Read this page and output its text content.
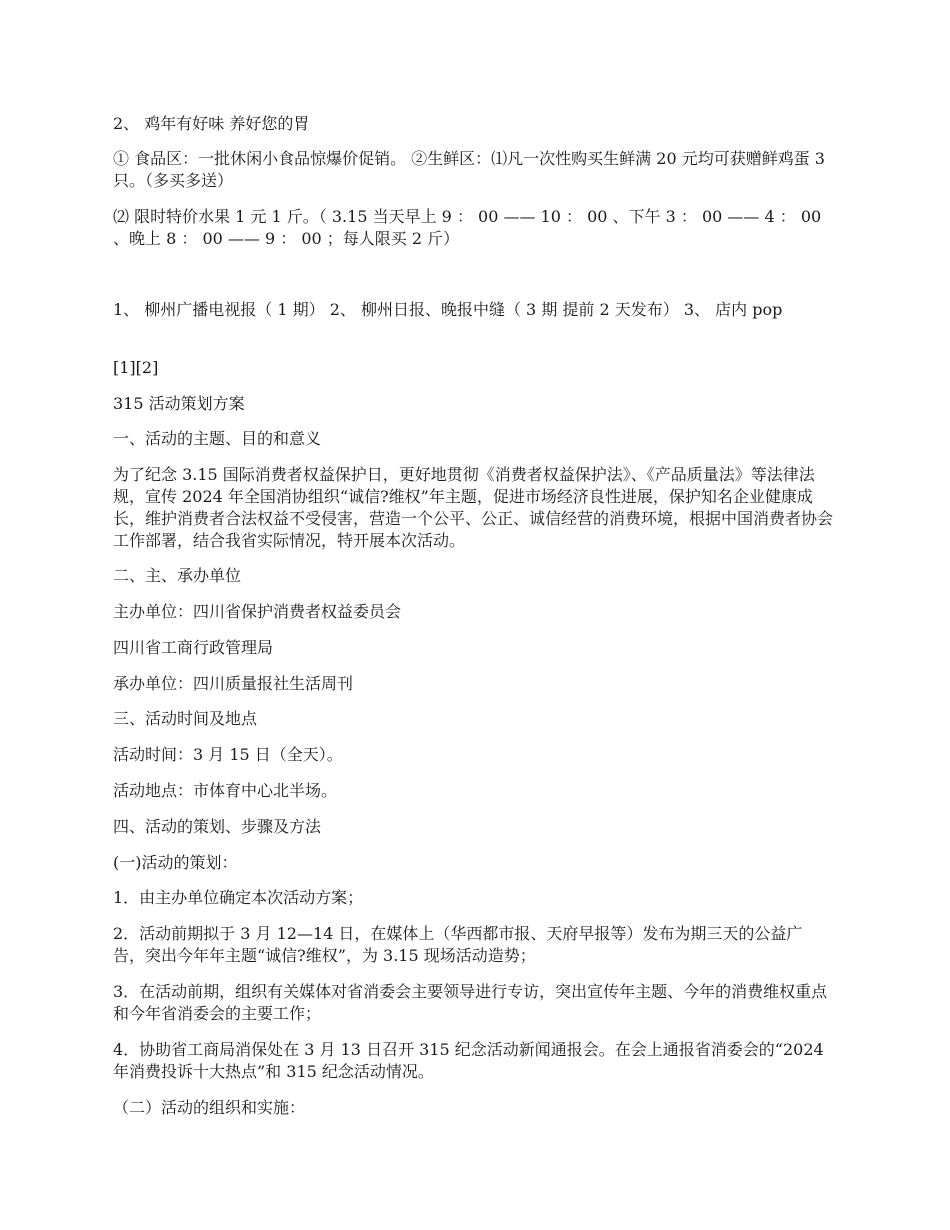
2、 鸡年有好味 养好您的胃

① 食品区：一批休闲小食品惊爆价促销。 ②生鲜区：⑴凡一次性购买生鲜满 20 元均可获赠鲜鸡蛋 3 只。（多买多送）

⑵ 限时特价水果 1 元 1 斤。（ 3.15 当天早上 9 ： 00 —— 10 ： 00 、下午 3 ： 00 —— 4 ： 00 、晚上 8 ： 00 —— 9 ： 00 ；每人限买 2 斤）

1、 柳州广播电视报（ 1 期） 2、 柳州日报、晚报中缝（ 3 期 提前 2 天发布） 3、 店内 pop

[1][2]

315 活动策划方案

一、活动的主题、目的和意义

为了纪念 3.15 国际消费者权益保护日，更好地贯彻《消费者权益保护法》、《产品质量法》等法律法规，宣传 2024 年全国消协组织“诚信?维权”年主题，促进市场经济良性进展，保护知名企业健康成长，维护消费者合法权益不受侵害，营造一个公平、公正、诚信经营的消费环境，根据中国消费者协会工作部署，结合我省实际情况，特开展本次活动。

二、主、承办单位

主办单位：四川省保护消费者权益委员会

四川省工商行政管理局

承办单位：四川质量报社生活周刊

三、活动时间及地点

活动时间：3 月 15 日（全天）。

活动地点：市体育中心北半场。

四、活动的策划、步骤及方法

(一)活动的策划：

1．由主办单位确定本次活动方案；

2．活动前期拟于 3 月 12—14 日，在媒体上（华西都市报、天府早报等）发布为期三天的公益广告，突出今年年主题“诚信?维权”，为 3.15 现场活动造势；

3．在活动前期，组织有关媒体对省消委会主要领导进行专访，突出宣传年主题、今年的消费维权重点和今年省消委会的主要工作；

4．协助省工商局消保处在 3 月 13 日召开 315 纪念活动新闻通报会。在会上通报省消委会的“2024 年消费投诉十大热点”和 315 纪念活动情况。

（二）活动的组织和实施：
